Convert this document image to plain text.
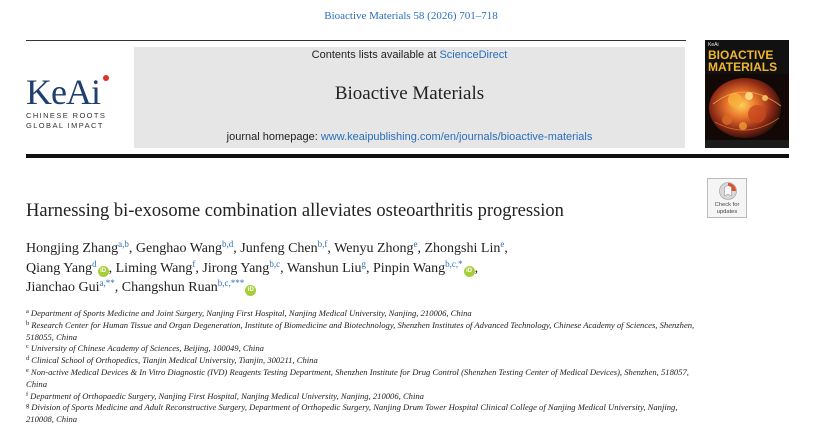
Bioactive Materials 58 (2026) 701–718
KeAi
CHINESE ROOTS
GLOBAL IMPACT
Contents lists available at ScienceDirect
Bioactive Materials
journal homepage: www.keaipublishing.com/en/journals/bioactive-materials
KeAi
BIOACTIVE
MATERIALS
Check for
updates
Harnessing bi-exosome combination alleviates osteoarthritis progression
Hongjing Zhang$^{a,b}$, Genghao Wang$^{b,d}$, Junfeng Chen$^{b,f}$, Wenyu Zhong$^e$, Zhongshi Lin$^e$,
Qiang Yang$^d$iD , Liming Wang$^f$, Jirong Yang$^{b,c}$, Wanshun Liu$^g$, Pinpin Wang$^{b,c,*}$iD ,
Jianchao Gui$^{a,**}$, Changshun Ruan$^{b,c,***}$iD
$^a$ Department of Sports Medicine and Joint Surgery, Nanjing First Hospital, Nanjing Medical University, Nanjing, 210006, China
$^b$ Research Center for Human Tissue and Organ Degeneration, Institute of Biomedicine and Biotechnology, Shenzhen Institutes of Advanced Technology, Chinese Academy of Sciences, Shenzhen, 518055, China
$^c$ University of Chinese Academy of Sciences, Beijing, 100049, China
$^d$ Clinical School of Orthopedics, Tianjin Medical University, Tianjin, 300211, China
$^e$ Non-active Medical Devices & In Vitro Diagnostic (IVD) Reagents Testing Department, Shenzhen Institute for Drug Control (Shenzhen Testing Center of Medical Devices), Shenzhen, 518057, China
$^f$ Department of Orthopaedic Surgery, Nanjing First Hospital, Nanjing Medical University, Nanjing, 210006, China
$^g$ Division of Sports Medicine and Adult Reconstructive Surgery, Department of Orthopedic Surgery, Nanjing Drum Tower Hospital Clinical College of Nanjing Medical University, Nanjing, 210008, China
